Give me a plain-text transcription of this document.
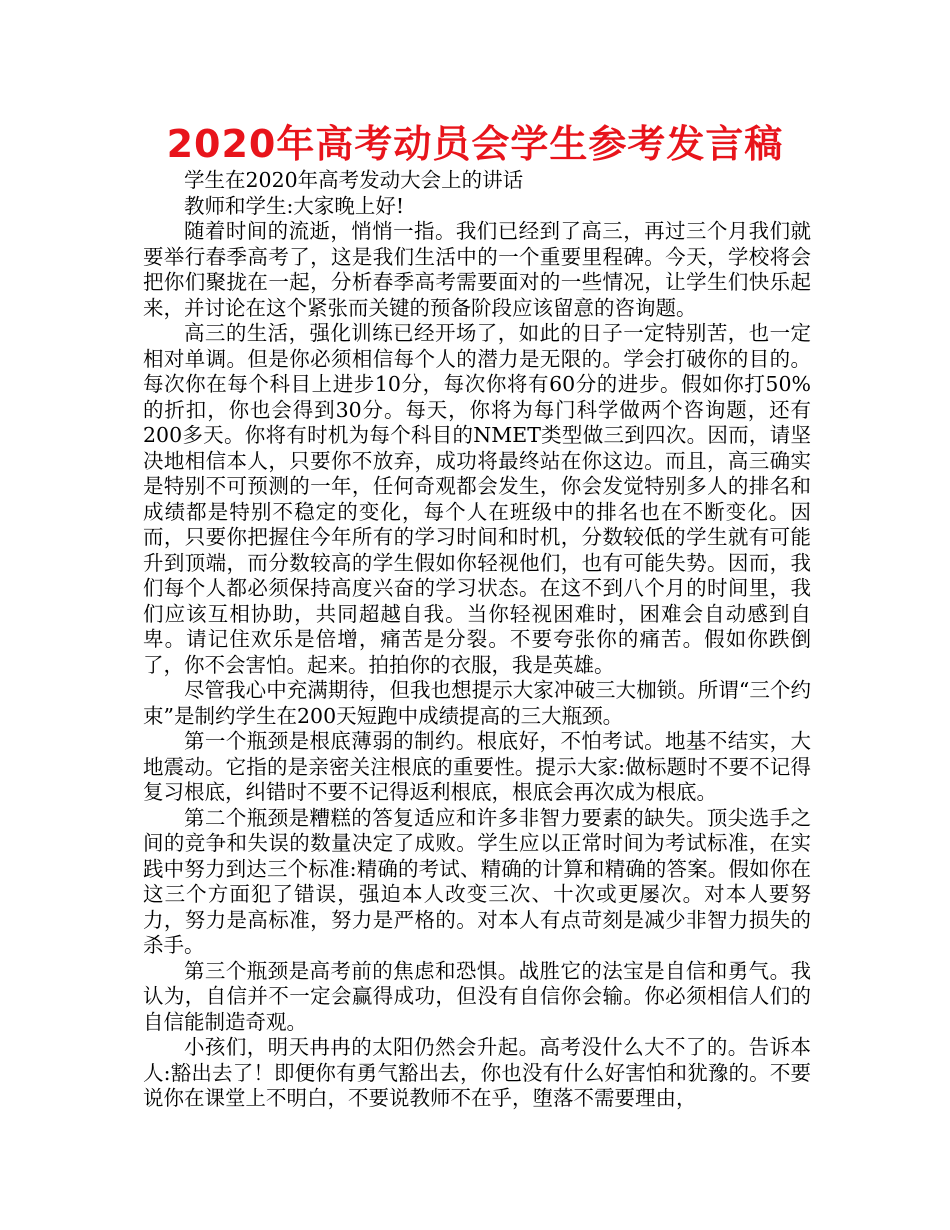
2020年高考动员会学生参考发言稿

学生在2020年高考发动大会上的讲话

教师和学生:大家晚上好!

随着时间的流逝，悄悄一指。我们已经到了高三，再过三个月我们就要举行春季高考了，这是我们生活中的一个重要里程碑。今天，学校将会把你们聚拢在一起，分析春季高考需要面对的一些情况，让学生们快乐起来，并讨论在这个紧张而关键的预备阶段应该留意的咨询题。

高三的生活，强化训练已经开场了，如此的日子一定特别苦，也一定相对单调。但是你必须相信每个人的潜力是无限的。学会打破你的目的。每次你在每个科目上进步10分，每次你将有60分的进步。假如你打50%的折扣，你也会得到30分。每天，你将为每门科学做两个咨询题，还有200多天。你将有时机为每个科目的NMET类型做三到四次。因而，请坚决地相信本人，只要你不放弃，成功将最终站在你这边。而且，高三确实是特别不可预测的一年，任何奇观都会发生，你会发觉特别多人的排名和成绩都是特别不稳定的变化，每个人在班级中的排名也在不断变化。因而，只要你把握住今年所有的学习时间和时机，分数较低的学生就有可能升到顶端，而分数较高的学生假如你轻视他们，也有可能失势。因而，我们每个人都必须保持高度兴奋的学习状态。在这不到八个月的时间里，我们应该互相协助，共同超越自我。当你轻视困难时，困难会自动感到自卑。请记住欢乐是倍增，痛苦是分裂。不要夸张你的痛苦。假如你跌倒了，你不会害怕。起来。拍拍你的衣服，我是英雄。

尽管我心中充满期待，但我也想提示大家冲破三大枷锁。所谓“三个约束”是制约学生在200天短跑中成绩提高的三大瓶颈。

第一个瓶颈是根底薄弱的制约。根底好，不怕考试。地基不结实，大地震动。它指的是亲密关注根底的重要性。提示大家:做标题时不要不记得复习根底，纠错时不要不记得返利根底，根底会再次成为根底。

第二个瓶颈是糟糕的答复适应和许多非智力要素的缺失。顶尖选手之间的竞争和失误的数量决定了成败。学生应以正常时间为考试标准，在实践中努力到达三个标准:精确的考试、精确的计算和精确的答案。假如你在这三个方面犯了错误，强迫本人改变三次、十次或更屡次。对本人要努力，努力是高标准，努力是严格的。对本人有点苛刻是减少非智力损失的杀手。

第三个瓶颈是高考前的焦虑和恐惧。战胜它的法宝是自信和勇气。我认为，自信并不一定会赢得成功，但没有自信你会输。你必须相信人们的自信能制造奇观。

小孩们，明天冉冉的太阳仍然会升起。高考没什么大不了的。告诉本人:豁出去了！即便你有勇气豁出去，你也没有什么好害怕和犹豫的。不要说你在课堂上不明白，不要说教师不在乎，堕落不需要理由，
